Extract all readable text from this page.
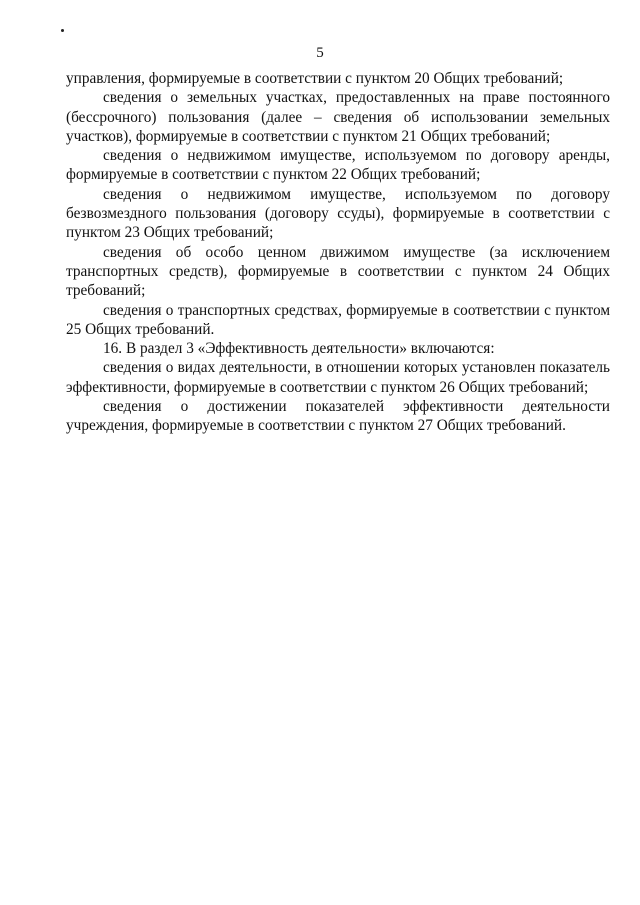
5

управления, формируемые в соответствии с пунктом 20 Общих требований;

сведения о земельных участках, предоставленных на праве постоянного (бессрочного) пользования (далее – сведения об использовании земельных участков), формируемые в соответствии с пунктом 21 Общих требований;

сведения о недвижимом имуществе, используемом по договору аренды, формируемые в соответствии с пунктом 22 Общих требований;

сведения о недвижимом имуществе, используемом по договору безвозмездного пользования (договору ссуды), формируемые в соответствии с пунктом 23 Общих требований;

сведения об особо ценном движимом имуществе (за исключением транспортных средств), формируемые в соответствии с пунктом 24 Общих требований;

сведения о транспортных средствах, формируемые в соответствии с пунктом 25 Общих требований.

16. В раздел 3 «Эффективность деятельности» включаются:

сведения о видах деятельности, в отношении которых установлен показатель эффективности, формируемые в соответствии с пунктом 26 Общих требований;

сведения о достижении показателей эффективности деятельности учреждения, формируемые в соответствии с пунктом 27 Общих требований.
